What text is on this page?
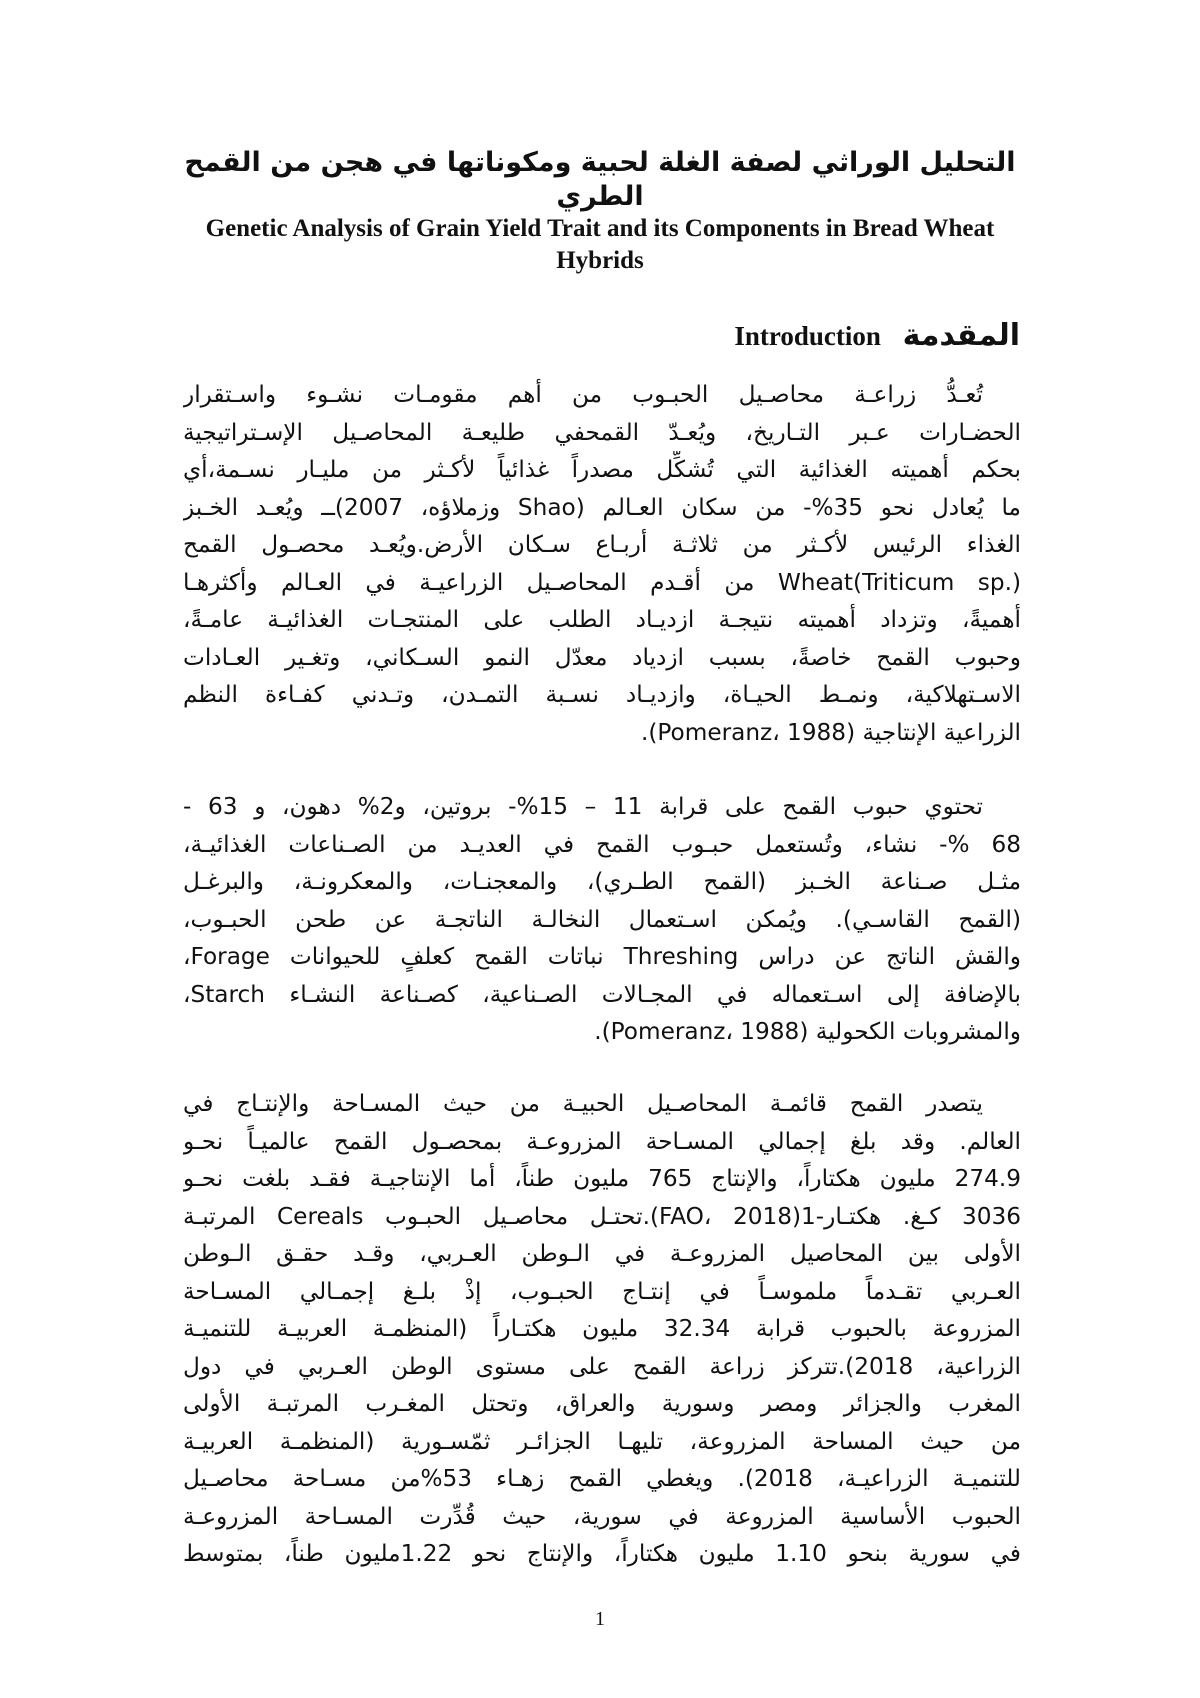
التحليل الوراثي لصفة الغلة لحبية ومكوناتها في هجن من القمح الطري
Genetic Analysis of Grain Yield Trait and its Components in Bread Wheat Hybrids
المقدمة Introduction
تُعـدُّ زراعـة محاصـيل الحبـوب من أهم مقومـات نشـوء واسـتقرار
الحضـارات عـبر التـاريخ، ويُعـدّ القمحفي طليعـة المحاصـيل الإسـتراتيجية
بحكم أهميته الغذائية التي تُشكِّل مصدراً غذائياً لأكـثر من مليـار نسـمة،أي
ما يُعادل نحو 35%- من سكان العـالم (Shao وزملاؤه، 2007)ــ ويُعـد الخـبز
الغذاء الرئيس لأكـثر من ثلاثـة أربـاع سـكان الأرض.ويُعـد محصـول القمح
Wheat(Triticum sp.) من أقـدم المحاصـيل الزراعيـة في العـالم وأكثرهـا
أهميةً، وتزداد أهميته نتيجـة ازديـاد الطلب على المنتجـات الغذائيـة عامـةً،
وحبوب القمح خاصةً، بسبب ازدياد معدّل النمو السـكاني، وتغـير العـادات
الاسـتهلاكية، ونمـط الحيـاة، وازديـاد نسـبة التمـدن، وتـدني كفـاءة النظم
الزراعية الإنتاجية (Pomeranz، 1988).
تحتوي حبوب القمح على قرابة 11 – 15%- بروتين، و2% دهون، و 63 -
68 %- نشاء، وتُستعمل حبـوب القمح في العديـد من الصـناعات الغذائيـة،
مثـل صـناعة الخـبز (القمح الطـري)، والمعجنـات، والمعكرونـة، والبرغـل
(القمح القاسـي). ويُمكن اسـتعمال النخالـة الناتجـة عن طحن الحبـوب،
والقش الناتج عن دراس Threshing نباتات القمح كعلفٍ للحيوانات Forage،
بالإضافة إلى اسـتعماله في المجـالات الصـناعية، كصـناعة النشـاء Starch،
والمشروبات الكحولية (Pomeranz، 1988).
يتصدر القمح قائمـة المحاصـيل الحبيـة من حيث المسـاحة والإنتـاج في
العالم. وقد بلغ إجمالي المسـاحة المزروعـة بمحصـول القمح عالميـاً نحـو
274.9 مليون هكتاراً، والإنتاج 765 مليون طناً، أما الإنتاجيـة فقـد بلغت نحـو
3036 كـغ. هكتـار-1(FAO، 2018).تحتـل محاصـيل الحبـوب Cereals المرتبـة
الأولى بين المحاصيل المزروعـة في الـوطن العـربي، وقـد حقـق الـوطن
العـربي تقـدماً ملموسـاً في إنتـاج الحبـوب، إذْ بلـغ إجمـالي المسـاحة
المزروعة بالحبوب قرابة 32.34 مليون هكتـاراً (المنظمـة العربيـة للتنميـة
الزراعية، 2018).تتركز زراعة القمح على مستوى الوطن العـربي في دول
المغرب والجزائر ومصر وسورية والعراق، وتحتل المغـرب المرتبـة الأولى
من حيث المساحة المزروعة، تليهـا الجزائـر ثمّسـورية (المنظمـة العربيـة
للتنميـة الزراعيـة، 2018). ويغطي القمح زهـاء 53%من مسـاحة محاصـيل
الحبوب الأساسية المزروعة في سورية، حيث قُدِّرت المسـاحة المزروعـة
في سورية بنحو 1.10 مليون هكتاراً، والإنتاج نحو 1.22مليون طناً، بمتوسط
1
